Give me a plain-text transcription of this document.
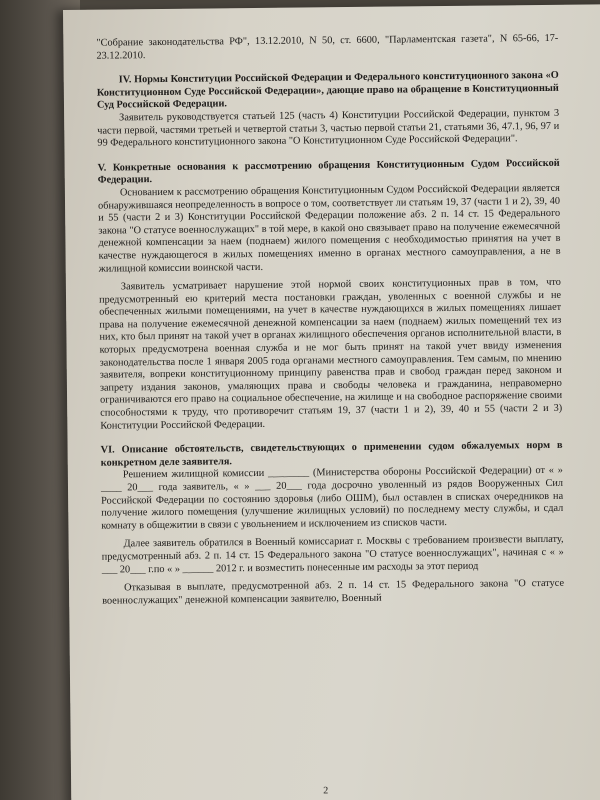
"Собрание законодательства РФ", 13.12.2010, N 50, ст. 6600, "Парламентская газета", N 65-66, 17-23.12.2010.

IV. Нормы Конституции Российской Федерации и Федерального конституционного закона «О Конституционном Суде Российской Федерации», дающие право на обращение в Конституционный Суд Российской Федерации.

Заявитель руководствуется статьей 125 (часть 4) Конституции Российской Федерации, пунктом 3 части первой, частями третьей и четвертой статьи 3, частью первой статьи 21, статьями 36, 47.1, 96, 97 и 99 Федерального конституционного закона "О Конституционном Суде Российской Федерации".

V. Конкретные основания к рассмотрению обращения Конституционным Судом Российской Федерации.

Основанием к рассмотрению обращения Конституционным Судом Российской Федерации является обнаружившаяся неопределенность в вопросе о том, соответствует ли статьям 19, 37 (части 1 и 2), 39, 40 и 55 (части 2 и 3) Конституции Российской Федерации положение абз. 2 п. 14 ст. 15 Федерального закона "О статусе военнослужащих" в той мере, в какой оно связывает право на получение ежемесячной денежной компенсации за наем (поднаем) жилого помещения с необходимостью принятия на учет в качестве нуждающегося в жилых помещениях именно в органах местного самоуправления, а не в жилищной комиссии воинской части.

Заявитель усматривает нарушение этой нормой своих конституционных прав в том, что предусмотренный ею критерий места постановки граждан, уволенных с военной службы и не обеспеченных жилыми помещениями, на учет в качестве нуждающихся в жилых помещениях лишает права на получение ежемесячной денежной компенсации за наем (поднаем) жилых помещений тех из них, кто был принят на такой учет в органах жилищного обеспечения органов исполнительной власти, в которых предусмотрена военная служба и не мог быть принят на такой учет ввиду изменения законодательства после 1 января 2005 года органами местного самоуправления. Тем самым, по мнению заявителя, вопреки конституционному принципу равенства прав и свобод граждан перед законом и запрету издания законов, умаляющих права и свободы человека и гражданина, неправомерно ограничиваются его право на социальное обеспечение, на жилище и на свободное распоряжение своими способностями к труду, что противоречит статьям 19, 37 (части 1 и 2), 39, 40 и 55 (части 2 и 3) Конституции Российской Федерации.

VI. Описание обстоятельств, свидетельствующих о применении судом обжалуемых норм в конкретном деле заявителя.

Решением жилищной комиссии ________ (Министерства обороны Российской Федерации) от « » ____ 20___ года заявитель, « » ___ 20___ года досрочно уволенный из рядов Вооруженных Сил Российской Федерации по состоянию здоровья (либо ОШМ), был оставлен в списках очередников на получение жилого помещения (улучшение жилищных условий) по последнему месту службы, и сдал комнату в общежитии в связи с увольнением и исключением из списков части.

Далее заявитель обратился в Военный комиссариат г. Москвы с требованием произвести выплату, предусмотренный абз. 2 п. 14 ст. 15 Федерального закона "О статусе военнослужащих", начиная с « » ___ 20___ г.по « » ______ 2012 г. и возместить понесенные им расходы за этот период

Отказывая в выплате, предусмотренной абз. 2 п. 14 ст. 15 Федерального закона "О статусе военнослужащих" денежной компенсации заявителю, Военный

2
